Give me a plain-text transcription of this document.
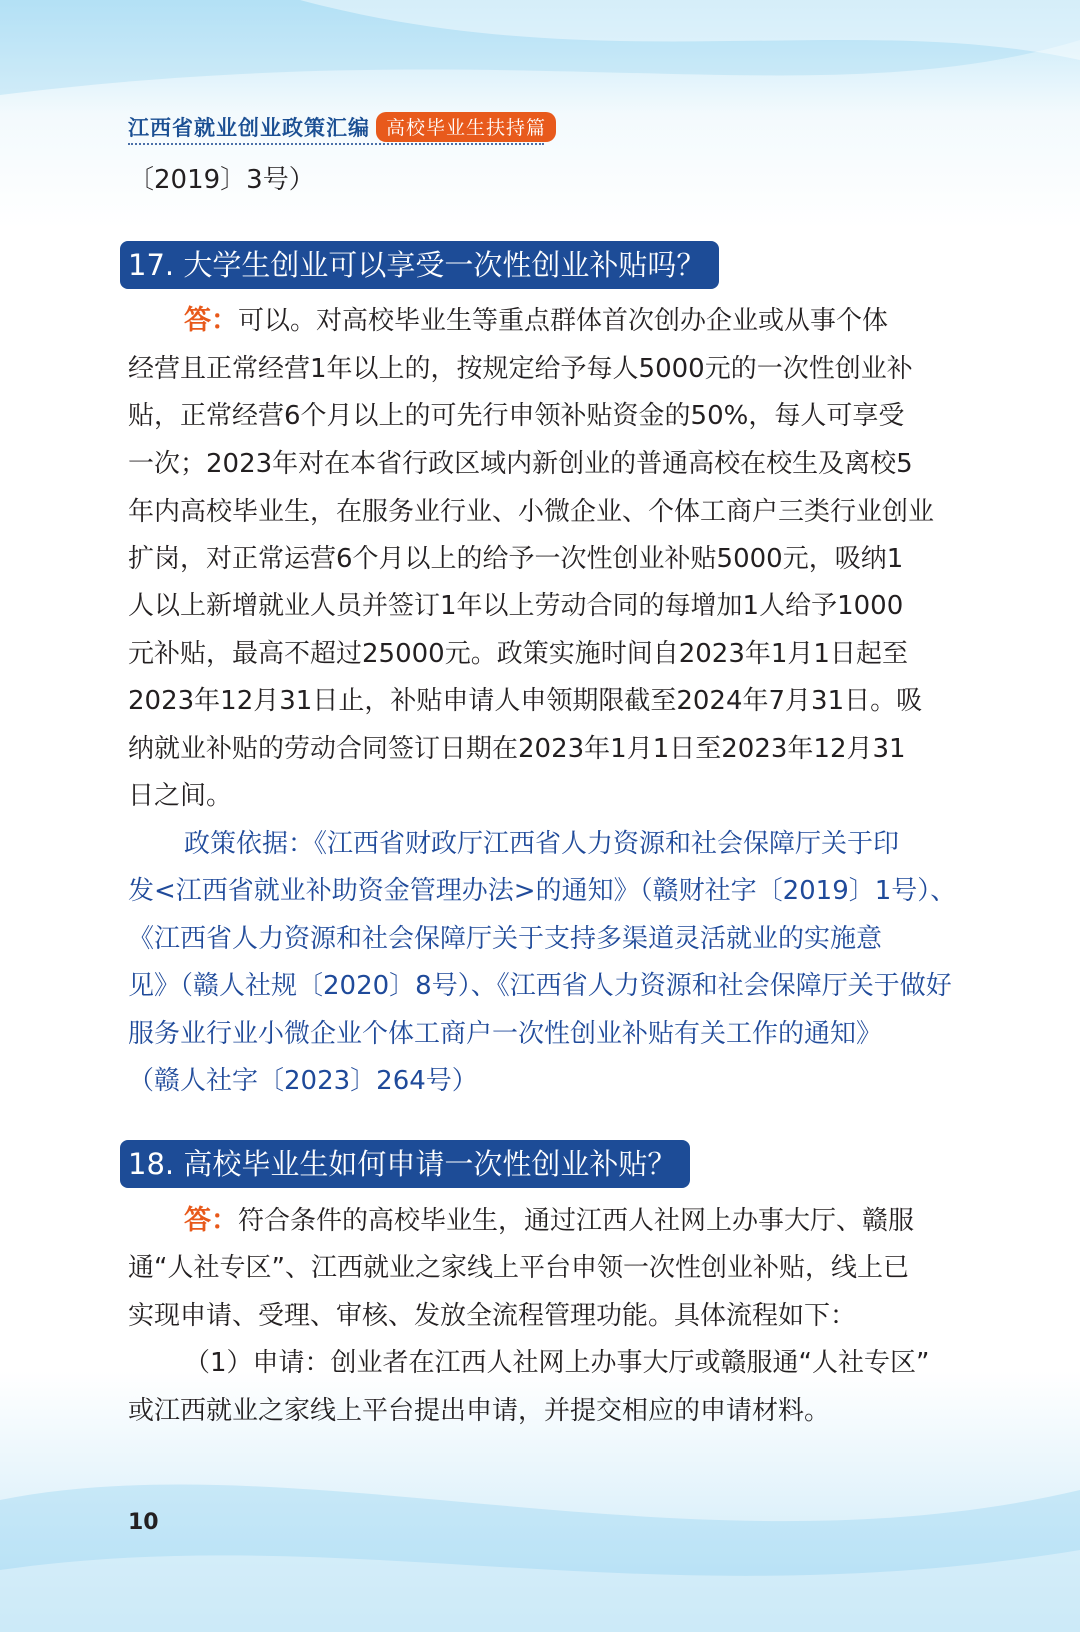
江西省就业创业政策汇编 高校毕业生扶持篇
〔2019〕3号）
17. 大学生创业可以享受一次性创业补贴吗？
答：可以。对高校毕业生等重点群体首次创办企业或从事个体
经营且正常经营1年以上的，按规定给予每人5000元的一次性创业补
贴，正常经营6个月以上的可先行申领补贴资金的50%，每人可享受
一次；2023年对在本省行政区域内新创业的普通高校在校生及离校5
年内高校毕业生，在服务业行业、小微企业、个体工商户三类行业创业
扩岗，对正常运营6个月以上的给予一次性创业补贴5000元，吸纳1
人以上新增就业人员并签订1年以上劳动合同的每增加1人给予1000
元补贴，最高不超过25000元。政策实施时间自2023年1月1日起至
2023年12月31日止，补贴申请人申领期限截至2024年7月31日。吸
纳就业补贴的劳动合同签订日期在2023年1月1日至2023年12月31
日之间。
政策依据：《江西省财政厅江西省人力资源和社会保障厅关于印
发<江西省就业补助资金管理办法>的通知》（赣财社字〔2019〕1号）、
《江西省人力资源和社会保障厅关于支持多渠道灵活就业的实施意
见》（赣人社规〔2020〕8号）、《江西省人力资源和社会保障厅关于做好
服务业行业小微企业个体工商户一次性创业补贴有关工作的通知》
（赣人社字〔2023〕264号）
18. 高校毕业生如何申请一次性创业补贴？
答：符合条件的高校毕业生，通过江西人社网上办事大厅、赣服
通“人社专区”、江西就业之家线上平台申领一次性创业补贴，线上已
实现申请、受理、审核、发放全流程管理功能。具体流程如下：
（1）申请：创业者在江西人社网上办事大厅或赣服通“人社专区”
或江西就业之家线上平台提出申请，并提交相应的申请材料。
10
